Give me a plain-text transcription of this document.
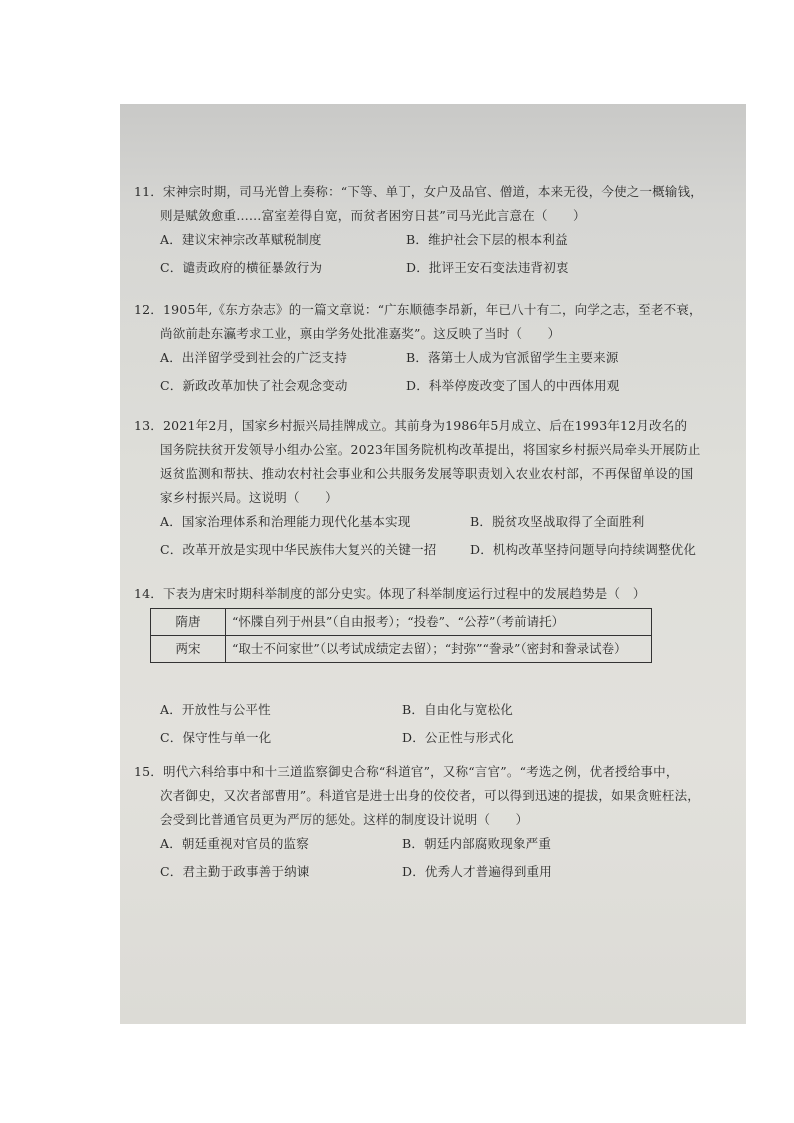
11．宋神宗时期，司马光曾上奏称：“下等、单丁，女户及品官、僧道，本来无役，今使之一概输钱，

则是赋敛愈重……富室差得自宽，而贫者困穷日甚”司马光此言意在（　　）

A．建议宋神宗改革赋税制度	B．维护社会下层的根本利益
C．谴责政府的横征暴敛行为	D．批评王安石变法违背初衷

12．1905年,《东方杂志》的一篇文章说：“广东顺德李昂新，年已八十有二，向学之志，至老不衰，

尚欲前赴东瀛考求工业，禀由学务处批准嘉奖”。这反映了当时（　　）

A．出洋留学受到社会的广泛支持	B．落第士人成为官派留学生主要来源
C．新政改革加快了社会观念变动	D．科举停废改变了国人的中西体用观

13．2021年2月，国家乡村振兴局挂牌成立。其前身为1986年5月成立、后在1993年12月改名的

国务院扶贫开发领导小组办公室。2023年国务院机构改革提出，将国家乡村振兴局牵头开展防止

返贫监测和帮扶、推动农村社会事业和公共服务发展等职责划入农业农村部，不再保留单设的国

家乡村振兴局。这说明（　　）

A．国家治理体系和治理能力现代化基本实现	B．脱贫攻坚战取得了全面胜利
C．改革开放是实现中华民族伟大复兴的关键一招	D．机构改革坚持问题导向持续调整优化

14．下表为唐宋时期科举制度的部分史实。体现了科举制度运行过程中的发展趋势是（　）

隋唐	“怀牒自列于州县”（自由报考）；“投卷”、“公荐”（考前请托）
两宋	“取士不问家世”（以考试成绩定去留）；“封弥”“誊录”（密封和誊录试卷）
A．开放性与公平性	B．自由化与宽松化
C．保守性与单一化	D．公正性与形式化

15．明代六科给事中和十三道监察御史合称“科道官”，又称“言官”。“考选之例，优者授给事中，

次者御史，又次者部曹用”。科道官是进士出身的佼佼者，可以得到迅速的提拔，如果贪赃枉法，

会受到比普通官员更为严厉的惩处。这样的制度设计说明（　　）

A．朝廷重视对官员的监察	B．朝廷内部腐败现象严重
C．君主勤于政事善于纳谏	D．优秀人才普遍得到重用
